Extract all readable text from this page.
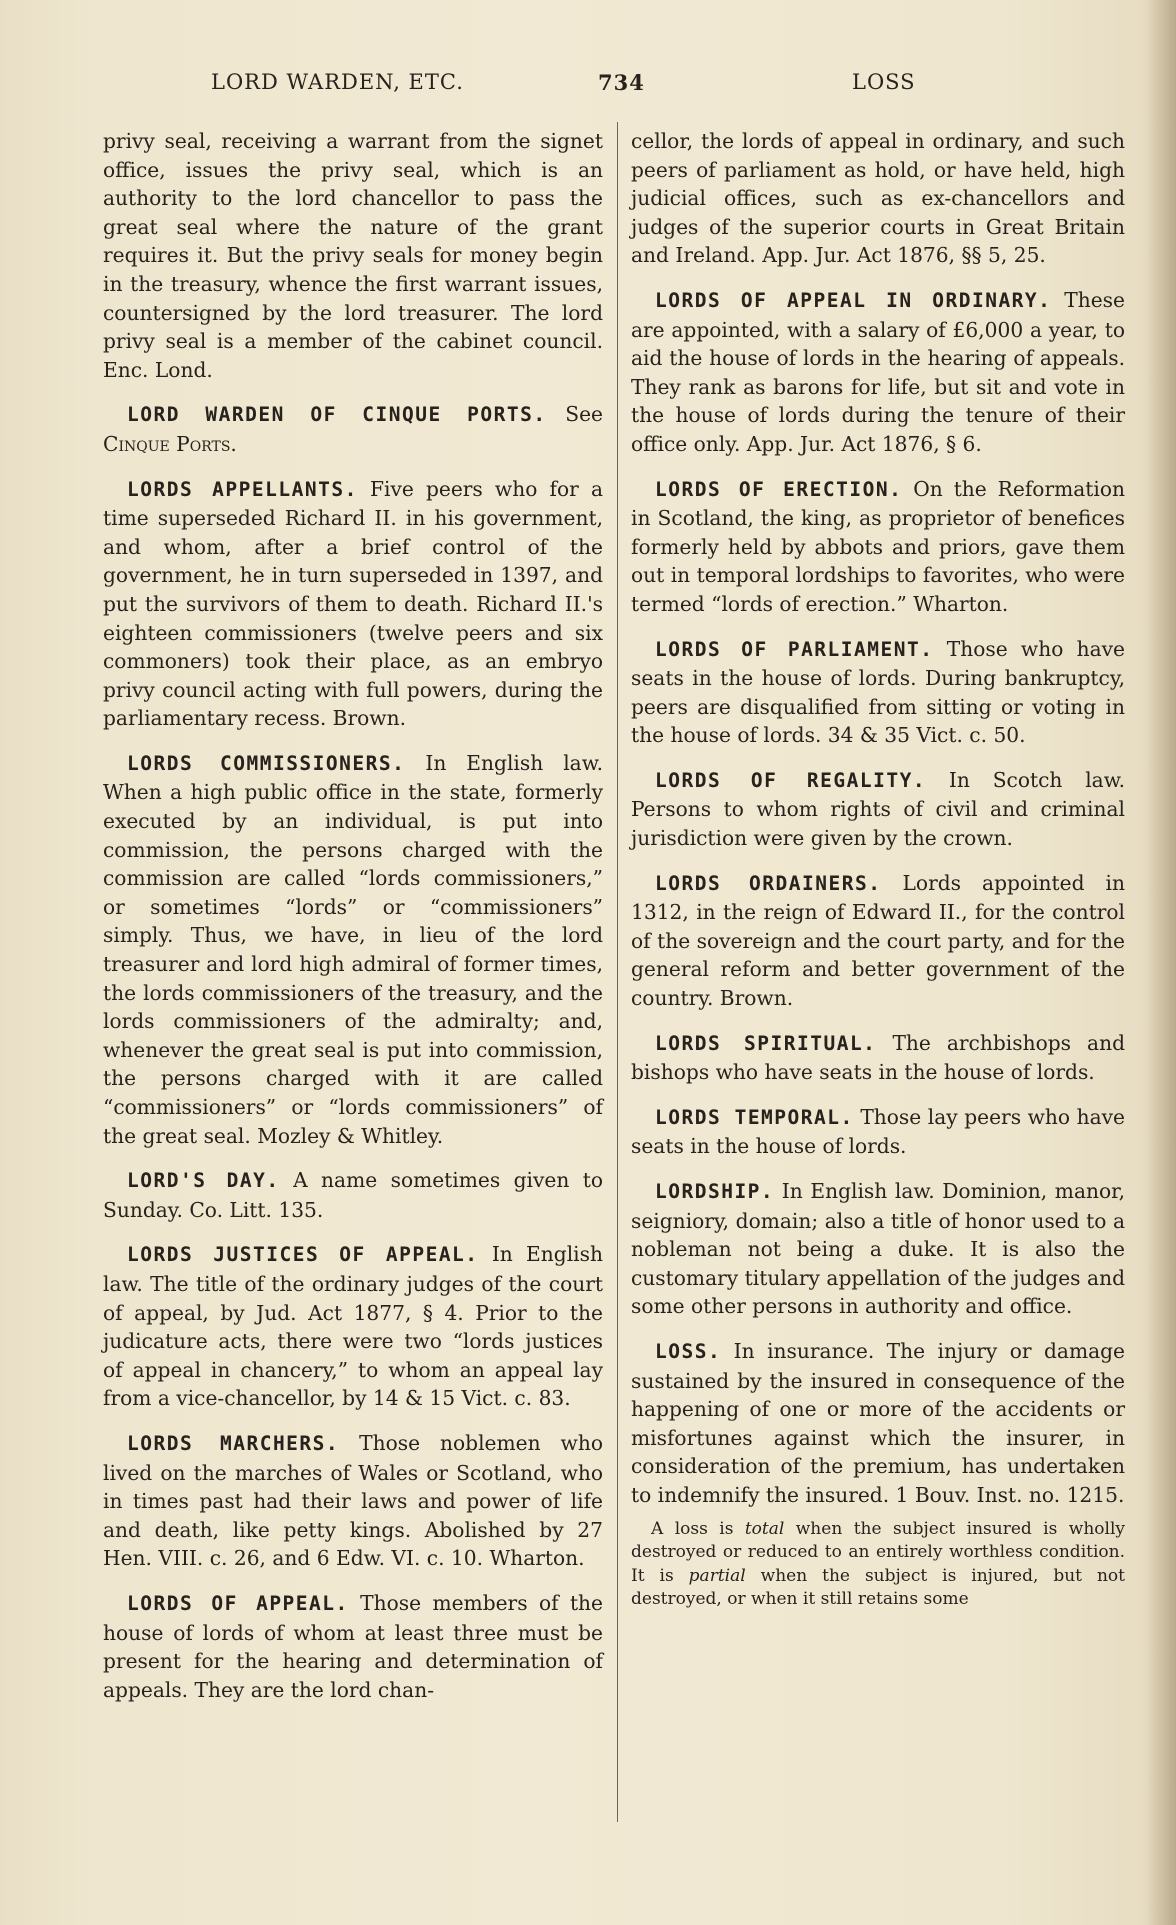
LORD WARDEN, ETC.	734	LOSS

privy seal, receiving a warrant from the signet office, issues the privy seal, which is an authority to the lord chancellor to pass the great seal where the nature of the grant requires it. But the privy seals for money begin in the treasury, whence the first warrant issues, countersigned by the lord treasurer. The lord privy seal is a member of the cabinet council. Enc. Lond.

LORD WARDEN OF CINQUE PORTS. See Cinque Ports.

LORDS APPELLANTS. Five peers who for a time superseded Richard II. in his government, and whom, after a brief control of the government, he in turn superseded in 1397, and put the survivors of them to death. Richard II.'s eighteen commissioners (twelve peers and six commoners) took their place, as an embryo privy council acting with full powers, during the parliamentary recess. Brown.

LORDS COMMISSIONERS. In English law. When a high public office in the state, formerly executed by an individual, is put into commission, the persons charged with the commission are called “lords commissioners,” or sometimes “lords” or “commissioners” simply. Thus, we have, in lieu of the lord treasurer and lord high admiral of former times, the lords commissioners of the treasury, and the lords commissioners of the admiralty; and, whenever the great seal is put into commission, the persons charged with it are called “commissioners” or “lords commissioners” of the great seal. Mozley & Whitley.

LORD'S DAY. A name sometimes given to Sunday. Co. Litt. 135.

LORDS JUSTICES OF APPEAL. In English law. The title of the ordinary judges of the court of appeal, by Jud. Act 1877, § 4. Prior to the judicature acts, there were two “lords justices of appeal in chancery,” to whom an appeal lay from a vice-chancellor, by 14 & 15 Vict. c. 83.

LORDS MARCHERS. Those noblemen who lived on the marches of Wales or Scotland, who in times past had their laws and power of life and death, like petty kings. Abolished by 27 Hen. VIII. c. 26, and 6 Edw. VI. c. 10. Wharton.

LORDS OF APPEAL. Those members of the house of lords of whom at least three must be present for the hearing and determination of appeals. They are the lord chan-

cellor, the lords of appeal in ordinary, and such peers of parliament as hold, or have held, high judicial offices, such as ex-chancellors and judges of the superior courts in Great Britain and Ireland. App. Jur. Act 1876, §§ 5, 25.

LORDS OF APPEAL IN ORDINARY. These are appointed, with a salary of £6,000 a year, to aid the house of lords in the hearing of appeals. They rank as barons for life, but sit and vote in the house of lords during the tenure of their office only. App. Jur. Act 1876, § 6.

LORDS OF ERECTION. On the Reformation in Scotland, the king, as proprietor of benefices formerly held by abbots and priors, gave them out in temporal lordships to favorites, who were termed “lords of erection.” Wharton.

LORDS OF PARLIAMENT. Those who have seats in the house of lords. During bankruptcy, peers are disqualified from sitting or voting in the house of lords. 34 & 35 Vict. c. 50.

LORDS OF REGALITY. In Scotch law. Persons to whom rights of civil and criminal jurisdiction were given by the crown.

LORDS ORDAINERS. Lords appointed in 1312, in the reign of Edward II., for the control of the sovereign and the court party, and for the general reform and better government of the country. Brown.

LORDS SPIRITUAL. The archbishops and bishops who have seats in the house of lords.

LORDS TEMPORAL. Those lay peers who have seats in the house of lords.

LORDSHIP. In English law. Dominion, manor, seigniory, domain; also a title of honor used to a nobleman not being a duke. It is also the customary titulary appellation of the judges and some other persons in authority and office.

LOSS. In insurance. The injury or damage sustained by the insured in consequence of the happening of one or more of the accidents or misfortunes against which the insurer, in consideration of the premium, has undertaken to indemnify the insured. 1 Bouv. Inst. no. 1215.

A loss is total when the subject insured is wholly destroyed or reduced to an entirely worthless condition. It is partial when the subject is injured, but not destroyed, or when it still retains some
